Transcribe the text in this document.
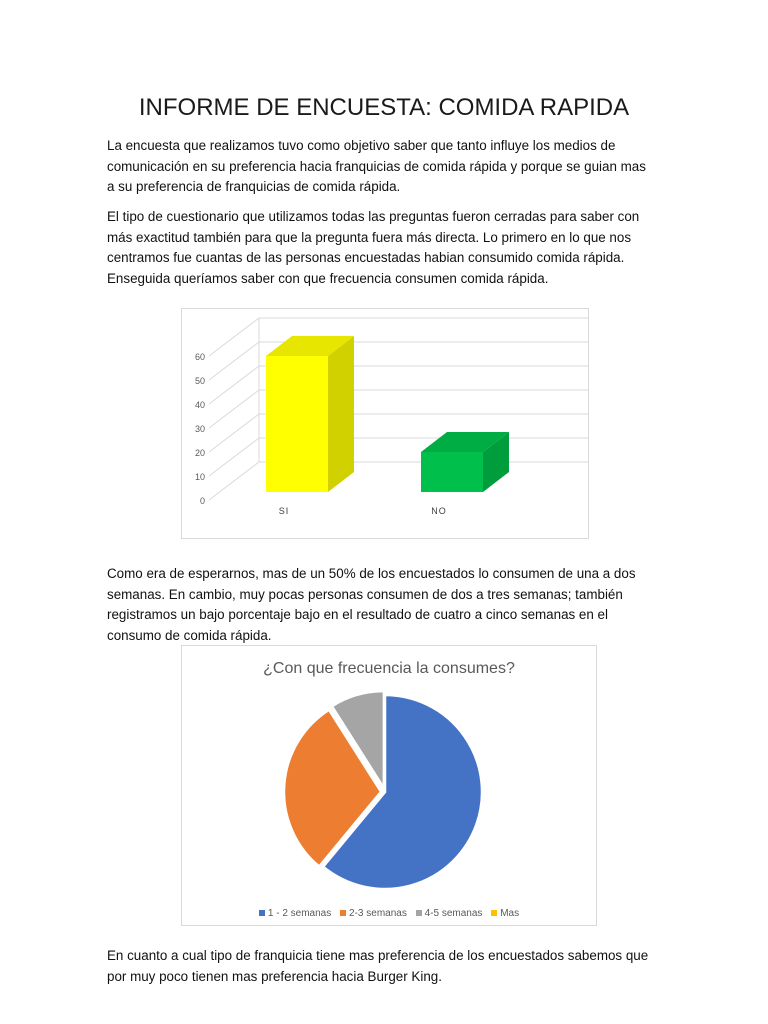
INFORME DE ENCUESTA: COMIDA RAPIDA

La encuesta que realizamos tuvo como objetivo saber que tanto influye los medios de
comunicación en su preferencia hacia franquicias de comida rápida y porque se guian mas
a su preferencia de franquicias de comida rápida.

El tipo de cuestionario que utilizamos todas las preguntas fueron cerradas para saber con
más exactitud también para que la pregunta fuera más directa. Lo primero en lo que nos
centramos fue cuantas de las personas encuestadas habian consumido comida rápida.
Enseguida queríamos saber con que frecuencia consumen comida rápida.

0
10
20
30
40
50
60
SI	NO

Como era de esperarnos, mas de un 50% de los encuestados lo consumen de una a dos
semanas. En cambio, muy pocas personas consumen de dos a tres semanas; también
registramos un bajo porcentaje bajo en el resultado de cuatro a cinco semanas en el
consumo de comida rápida.

¿Con que frecuencia la consumes?
1 - 2 semanas 2-3 semanas 4-5 semanas Mas

En cuanto a cual tipo de franquicia tiene mas preferencia de los encuestados sabemos que
por muy poco tienen mas preferencia hacia Burger King.
